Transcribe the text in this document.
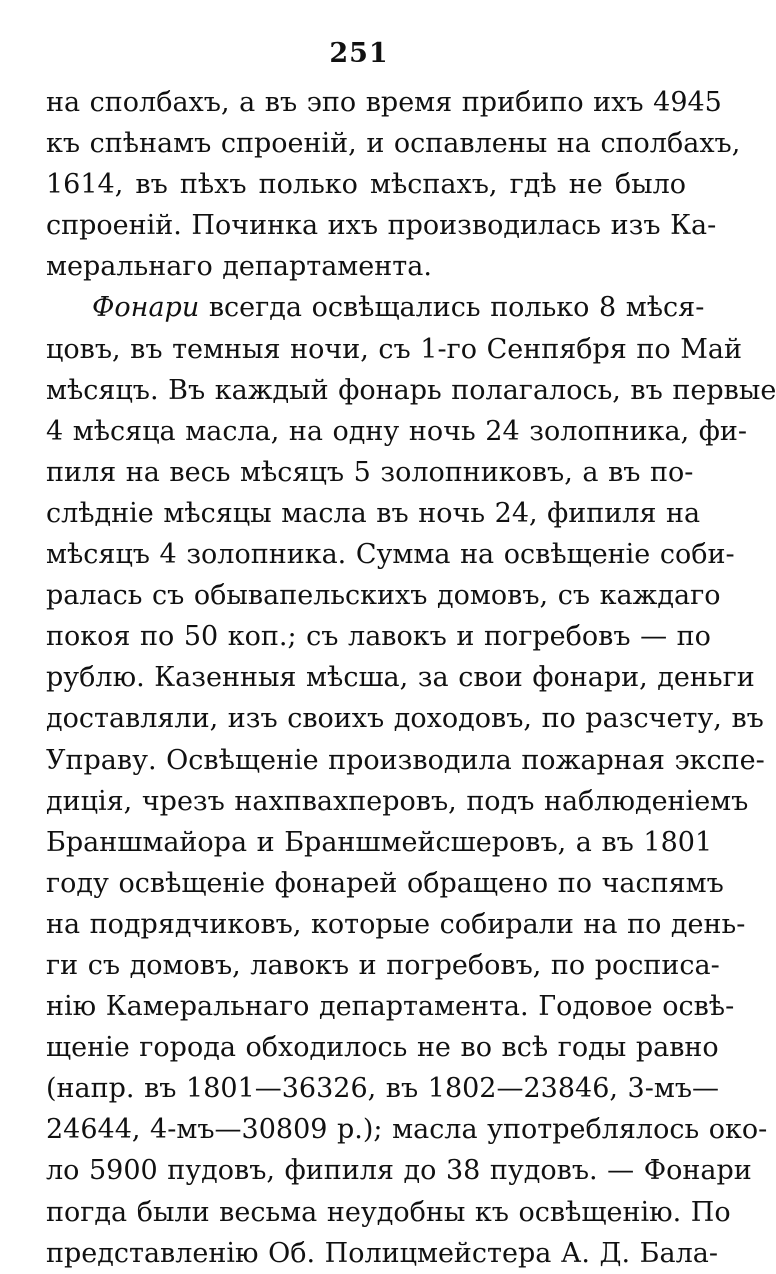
251
на сполбахъ, а въ эпо время прибипо ихъ 4945
къ спѣнамъ спроеній, и оспавлены на сполбахъ,
1614, въ пѣхъ полько мѣспахъ, гдѣ не было
спроеній. Починка ихъ производилась изъ Ка-
меральнаго департамента.
Фонари всегда освѣщались полько 8 мѣся-
цовъ, въ темныя ночи, съ 1-го Сенпября по Май
мѣсяцъ. Въ каждый фонарь полагалось, въ первые
4 мѣсяца масла, на одну ночь 24 золопника, фи-
пиля на весь мѣсяцъ 5 золопниковъ, а въ по-
слѣдніе мѣсяцы масла въ ночь 24, фипиля на
мѣсяцъ 4 золопника. Сумма на освѣщеніе соби-
ралась съ обывапельскихъ домовъ, съ каждаго
покоя по 50 коп.; съ лавокъ и погребовъ — по
рублю. Казенныя мѣсша, за свои фонари, деньги
доставляли, изъ своихъ доходовъ, по разсчету, въ
Управу. Освѣщеніе производила пожарная экспе-
диція, чрезъ нахпвахперовъ, подъ наблюденіемъ
Браншмайора и Браншмейсшеровъ, а въ 1801
году освѣщеніе фонарей обращено по часпямъ
на подрядчиковъ, которые собирали на по день-
ги съ домовъ, лавокъ и погребовъ, по росписа-
нію Камеральнаго департамента. Годовое освѣ-
щеніе города обходилось не во всѣ годы равно
(напр. въ 1801—36326, въ 1802—23846, 3-мъ—
24644, 4-мъ—30809 р.); масла употреблялось око-
ло 5900 пудовъ, фипиля до 38 пудовъ. — Фонари
погда были весьма неудобны къ освѣщенію. По
представленію Об. Полицмейстера А. Д. Бала-
